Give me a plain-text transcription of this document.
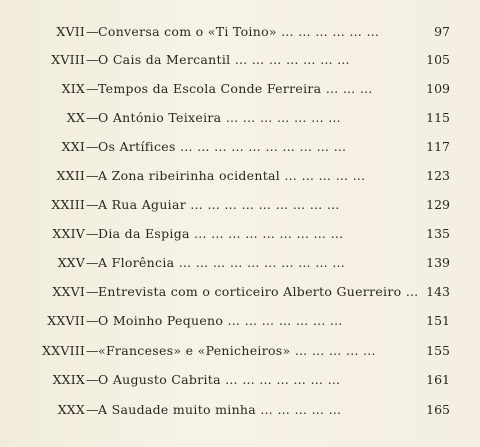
XVII — Conversa com o «Ti Toino» … … … … … …	97
XVIII — O Cais da Mercantil … … … … … … …	105
XIX — Tempos da Escola Conde Ferreira … … …	109
XX — O António Teixeira … … … … … … …	115
XXI — Os Artífices … … … … … … … … … …	117
XXII — A Zona ribeirinha ocidental … … … … …	123
XXIII — A Rua Aguiar … … … … … … … … …	129
XXIV — Dia da Espiga … … … … … … … … …	135
XXV — A Florência … … … … … … … … … …	139
XXVI — Entrevista com o corticeiro Alberto Guerreiro … 143
XXVII — O Moinho Pequeno … … … … … … …	151
XXVIII — «Franceses» e «Penicheiros» … … … … …	155
XXIX — O Augusto Cabrita … … … … … … …	161
XXX — A Saudade muito minha … … … … …	165
